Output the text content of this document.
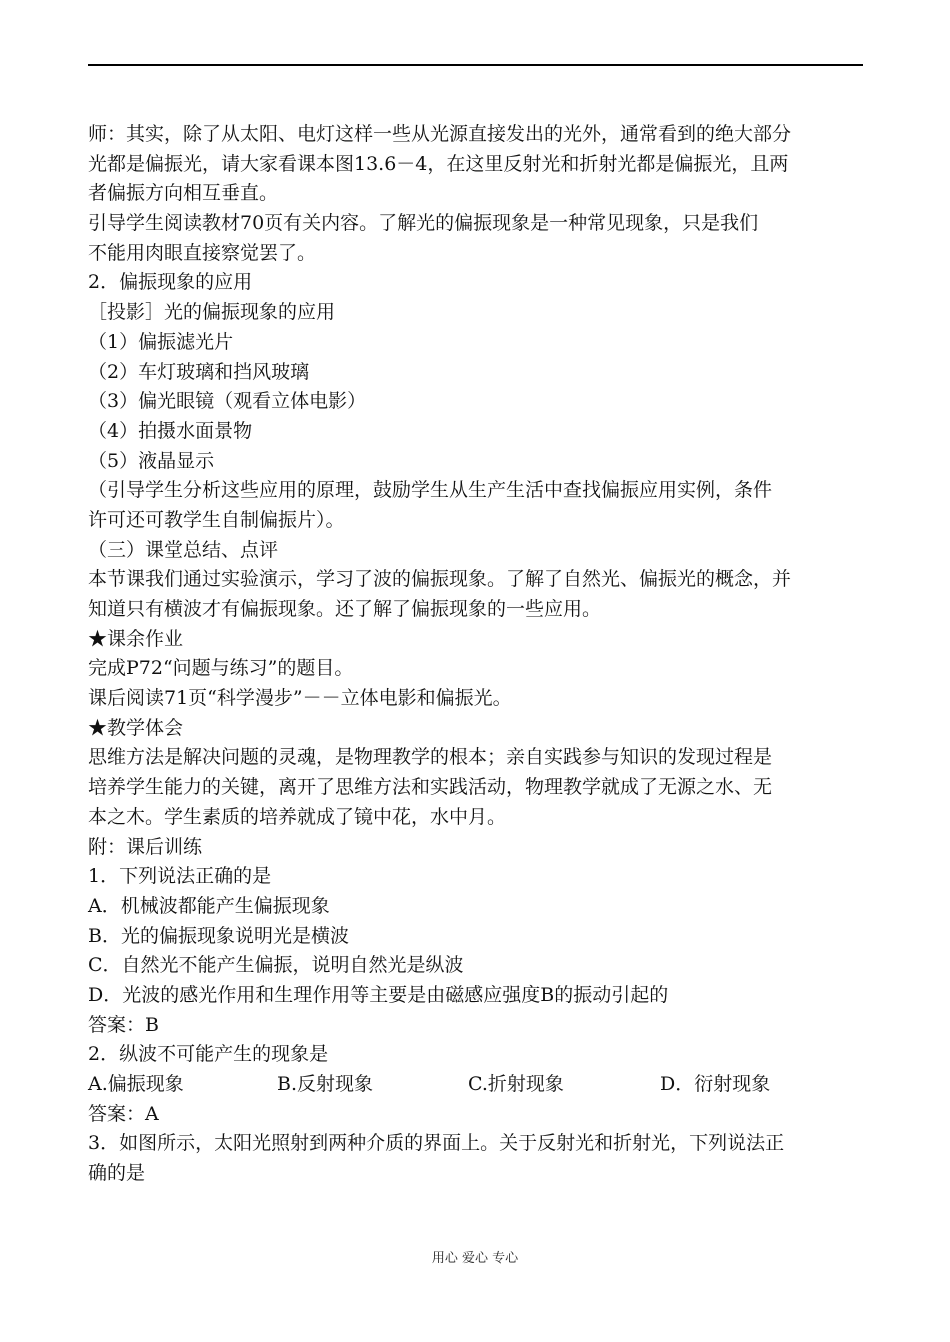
师：其实，除了从太阳、电灯这样一些从光源直接发出的光外，通常看到的绝大部分
光都是偏振光，请大家看课本图13.6－4，在这里反射光和折射光都是偏振光，且两
者偏振方向相互垂直。
引导学生阅读教材70页有关内容。了解光的偏振现象是一种常见现象，只是我们
不能用肉眼直接察觉罢了。
2．偏振现象的应用
［投影］光的偏振现象的应用
（1）偏振滤光片
（2）车灯玻璃和挡风玻璃
（3）偏光眼镜（观看立体电影）
（4）拍摄水面景物
（5）液晶显示
（引导学生分析这些应用的原理，鼓励学生从生产生活中查找偏振应用实例，条件
许可还可教学生自制偏振片）。
（三）课堂总结、点评
本节课我们通过实验演示，学习了波的偏振现象。了解了自然光、偏振光的概念，并
知道只有横波才有偏振现象。还了解了偏振现象的一些应用。
★课余作业
完成P72“问题与练习”的题目。
课后阅读71页“科学漫步”－－立体电影和偏振光。
★教学体会
思维方法是解决问题的灵魂，是物理教学的根本；亲自实践参与知识的发现过程是
培养学生能力的关键，离开了思维方法和实践活动，物理教学就成了无源之水、无
本之木。学生素质的培养就成了镜中花，水中月。
附：课后训练
1．下列说法正确的是
A．机械波都能产生偏振现象
B．光的偏振现象说明光是横波
C．自然光不能产生偏振，说明自然光是纵波
D．光波的感光作用和生理作用等主要是由磁感应强度B的振动引起的
答案：B
2．纵波不可能产生的现象是
A.偏振现象	B.反射现象	C.折射现象	D．衍射现象
答案：A
3．如图所示，太阳光照射到两种介质的界面上。关于反射光和折射光，下列说法正
确的是
用心 爱心 专心
